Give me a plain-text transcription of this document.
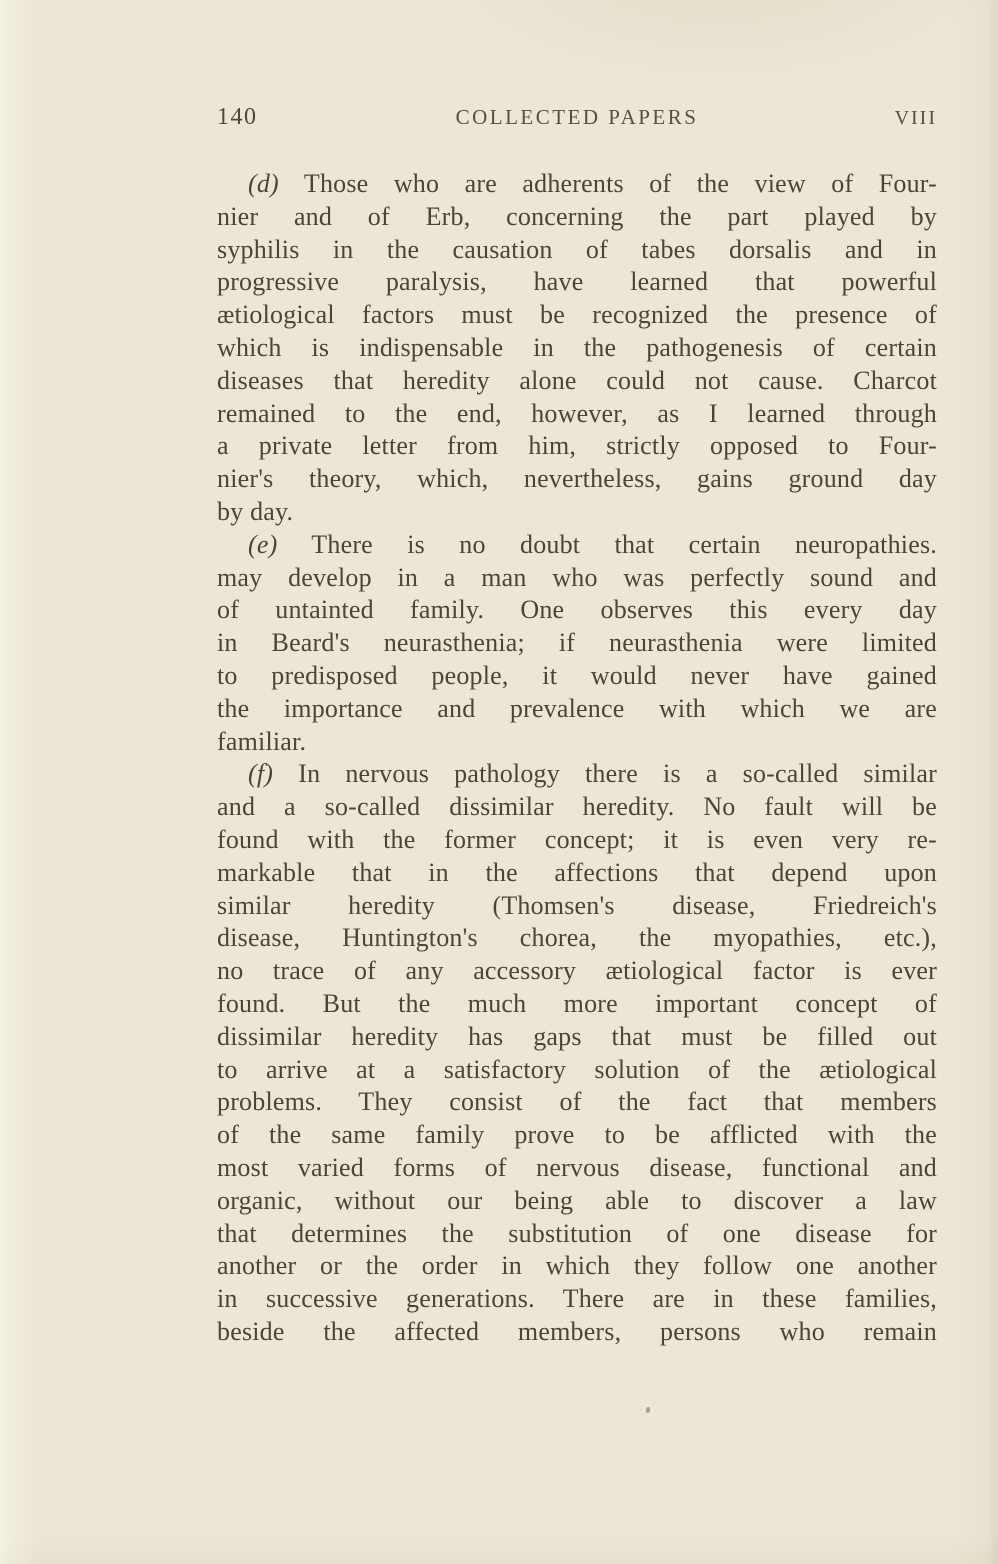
140	COLLECTED PAPERS	VIII
(d) Those who are adherents of the view of Four-
nier and of Erb, concerning the part played by
syphilis in the causation of tabes dorsalis and in
progressive paralysis, have learned that powerful
ætiological factors must be recognized the presence of
which is indispensable in the pathogenesis of certain
diseases that heredity alone could not cause. Charcot
remained to the end, however, as I learned through
a private letter from him, strictly opposed to Four-
nier's theory, which, nevertheless, gains ground day
by day.
(e) There is no doubt that certain neuropathies.
may develop in a man who was perfectly sound and
of untainted family. One observes this every day
in Beard's neurasthenia; if neurasthenia were limited
to predisposed people, it would never have gained
the importance and prevalence with which we are
familiar.
(f) In nervous pathology there is a so-called similar
and a so-called dissimilar heredity. No fault will be
found with the former concept; it is even very re-
markable that in the affections that depend upon
similar heredity (Thomsen's disease, Friedreich's
disease, Huntington's chorea, the myopathies, etc.),
no trace of any accessory ætiological factor is ever
found. But the much more important concept of
dissimilar heredity has gaps that must be filled out
to arrive at a satisfactory solution of the ætiological
problems. They consist of the fact that members
of the same family prove to be afflicted with the
most varied forms of nervous disease, functional and
organic, without our being able to discover a law
that determines the substitution of one disease for
another or the order in which they follow one another
in successive generations. There are in these families,
beside the affected members, persons who remain
